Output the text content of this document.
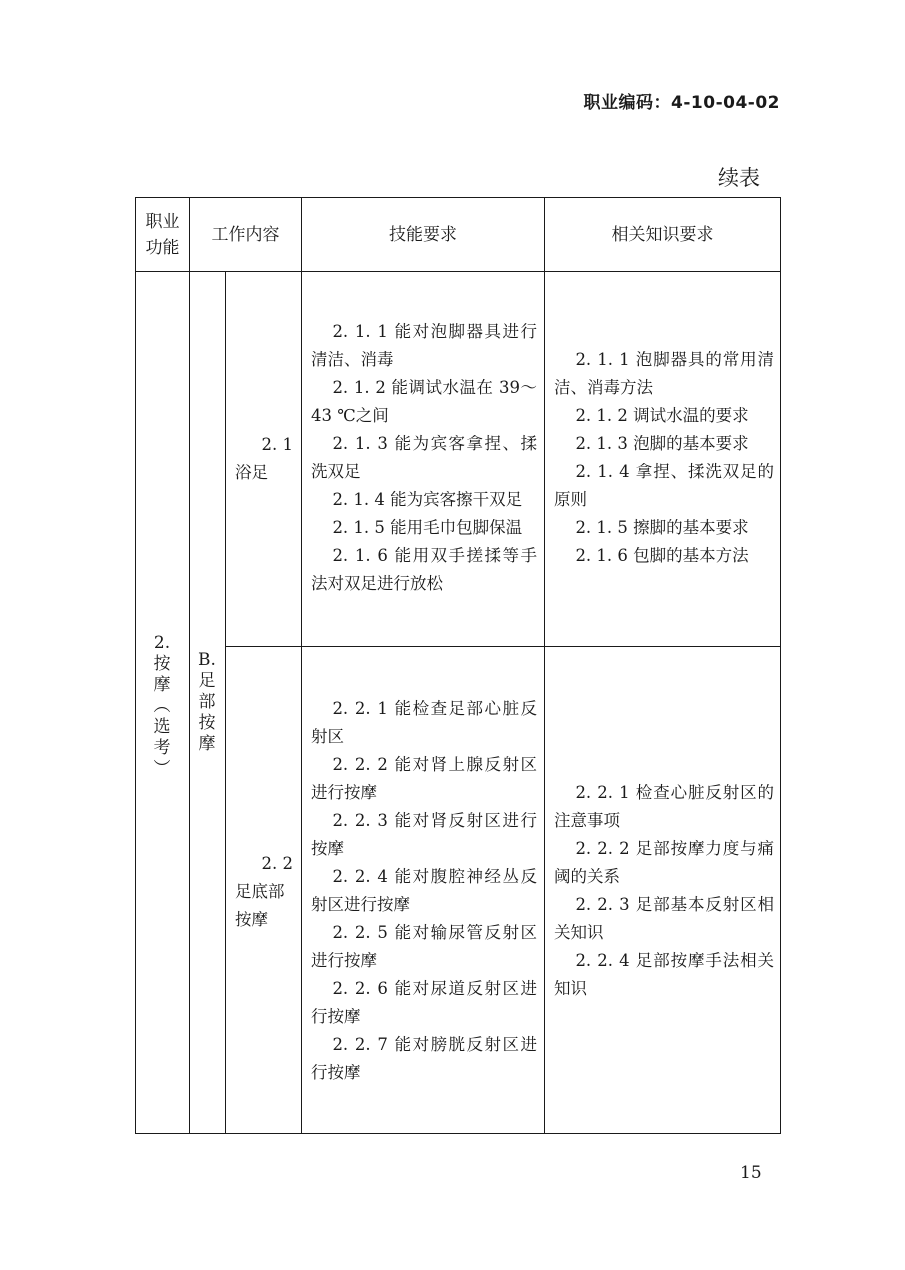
职业编码：4-10-04-02
续表
职业
功能
工作内容	技能要求	相关知识要求
2.
按
摩
︵
选
考
︶
B.
足
部
按
摩
2. 1
浴足

2. 1. 1 能对泡脚器具进行清洁、消毒

2. 1. 2 能调试水温在 39～43 ℃之间

2. 1. 3 能为宾客拿捏、揉洗双足

2. 1. 4 能为宾客擦干双足

2. 1. 5 能用毛巾包脚保温

2. 1. 6 能用双手搓揉等手法对双足进行放松

2. 1. 1 泡脚器具的常用清洁、消毒方法

2. 1. 2 调试水温的要求

2. 1. 3 泡脚的基本要求

2. 1. 4 拿捏、揉洗双足的原则

2. 1. 5 擦脚的基本要求

2. 1. 6 包脚的基本方法

2. 2
足底部按摩

2. 2. 1 能检查足部心脏反射区

2. 2. 2 能对肾上腺反射区进行按摩

2. 2. 3 能对肾反射区进行按摩

2. 2. 4 能对腹腔神经丛反射区进行按摩

2. 2. 5 能对输尿管反射区进行按摩

2. 2. 6 能对尿道反射区进行按摩

2. 2. 7 能对膀胱反射区进行按摩

2. 2. 1 检查心脏反射区的注意事项

2. 2. 2 足部按摩力度与痛阈的关系

2. 2. 3 足部基本反射区相关知识

2. 2. 4 足部按摩手法相关知识

15
